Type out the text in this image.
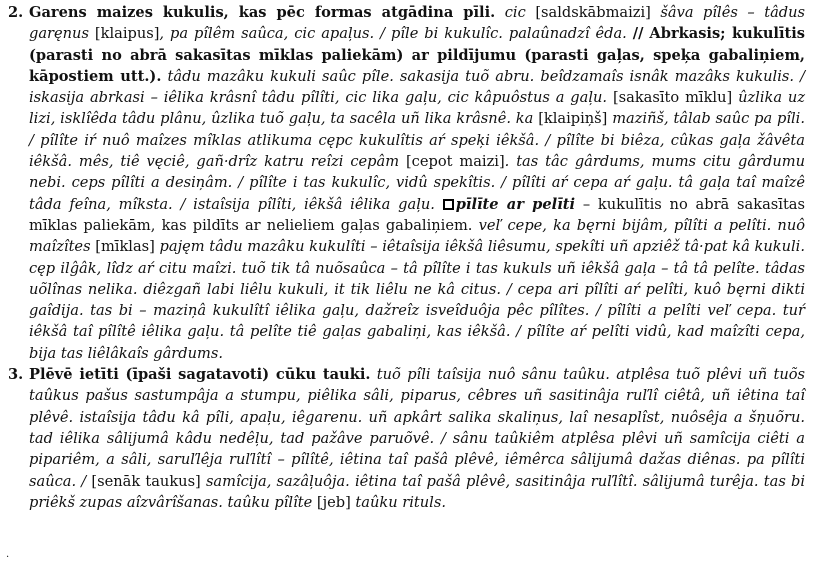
2. Garens maizes kukulis, kas pēc formas atgādina pīli. cic [saldskābmaizi] šâva pîlês – tâdus garęnus [klaipus], pa pîlêm saûca, cic apaļus. / pîle bi kukulîc. palaûnadzî êda. // Abrkasis; kukulītis (parasti no abrā sakasītas mīklas paliekām) ar pildījumu (parasti gaļas, speķa gabaliņiem, kāpostiem utt.). tâdu mazâku kukuli saûc pîle. sakasija tuõ abru. beîdzamaîs isnâk mazâks kukulis. / iskasija abrkasi – iêlika krâsnî tâdu pîlîti, cic lika gaļu, cic kâpuôstus a gaļu. [sakasīto mīklu] ûzlika uz lizi, isklîêda tâdu plânu, ûzlika tuõ gaļu, ta sacêla uñ lika krâsnê. ka [klaipiņš] maziñš, tâlab saûc pa pîli. / pîlîte iŕ nuô maîzes mîklas atlikuma cępc kukulîtis aŕ speķi iêkšâ. / pîlîte bi biêza, cûkas gaļa žâvêta iêkšâ. mês, tiê vęciê, gañ·drîz katru reîzi cepâm [cepot maizi]. tas tâc gârdums, mums citu gârdumu nebi. ceps pîlîti a desiņâm. / pîlîte i tas kukulîc, vidû spekîtis. / pîlîti aŕ cepa aŕ gaļu. tâ gaļa taî maîzê tâda feîna, mîksta. / istaîsija pîlîti, iêkšâ iêlika gaļu. pīlīte ar pelīti – kukulītis no abrā sakasītas mīklas paliekām, kas pildīts ar nelieliem gaļas gabaliņiem. veľ cepe, ka bęrni bijâm, pîlîti a pelîti. nuô maîzîtes [mīklas] pajęm tâdu mazâku kukulîti – iêtaîsija iêkšâ liêsumu, spekîti uñ apziêž tâ·pat kâ kukuli. cęp ilĝâk, lîdz aŕ citu maîzi. tuõ tik tâ nuõsaûca – tâ pîlîte i tas kukuls uñ iêkšâ gaļa – tâ tâ pelîte. tâdas uõlînas nelika. diêzgañ labi liêlu kukuli, it tik liêlu ne kâ citus. / cepa ari pîlîti aŕ pelîti, kuô bęrni dikti gaîdija. tas bi – maziņâ kukulîtî iêlika gaļu, dažreîz isveîduôja pêc pîlîtes. / pîlîti a pelîti veľ cepa. tuŕ iêkšâ taî pîlîtê iêlika gaļu. tâ pelîte tiê gaļas gabaliņi, kas iêkšâ. / pîlîte aŕ pelîti vidû, kad maîzîti cepa, bija tas liêlâkaîs gârdums.

3. Plēvē ietīti (īpaši sagatavoti) cūku tauki. tuõ pîli taîsija nuô sânu taûku. atplêsa tuõ plêvi uñ tuõs taûkus pašus sastumpâja a stumpu, piêlika sâli, piparus, cêbres uñ sasitinâja ruľlî ciêtâ, uñ iêtina taî plêvê. istaîsija tâdu kâ pîli, apaļu, iêgarenu. uñ apkârt salika skaliņus, laî nesaplîst, nuôsêja a šņuõru. tad iêlika sâlijumâ kâdu nedêļu, tad pažâve paruõvê. / sânu taûkiêm atplêsa plêvi uñ samîcija ciêti a pipariêm, a sâli, saruľlêja ruľlîtî – pîlîtê, iêtina taî pašâ plêvê, iêmêrca sâlijumâ dažas diênas. pa pîlîti saûca. / [senāk taukus] samîcija, sazâļuôja. iêtina taî pašâ plêvê, sasitinâja ruľlîtî. sâlijumâ turêja. tas bi priêkš zupas aîzvârîšanas. taûku pîlîte [jeb] taûku rituls.

.
